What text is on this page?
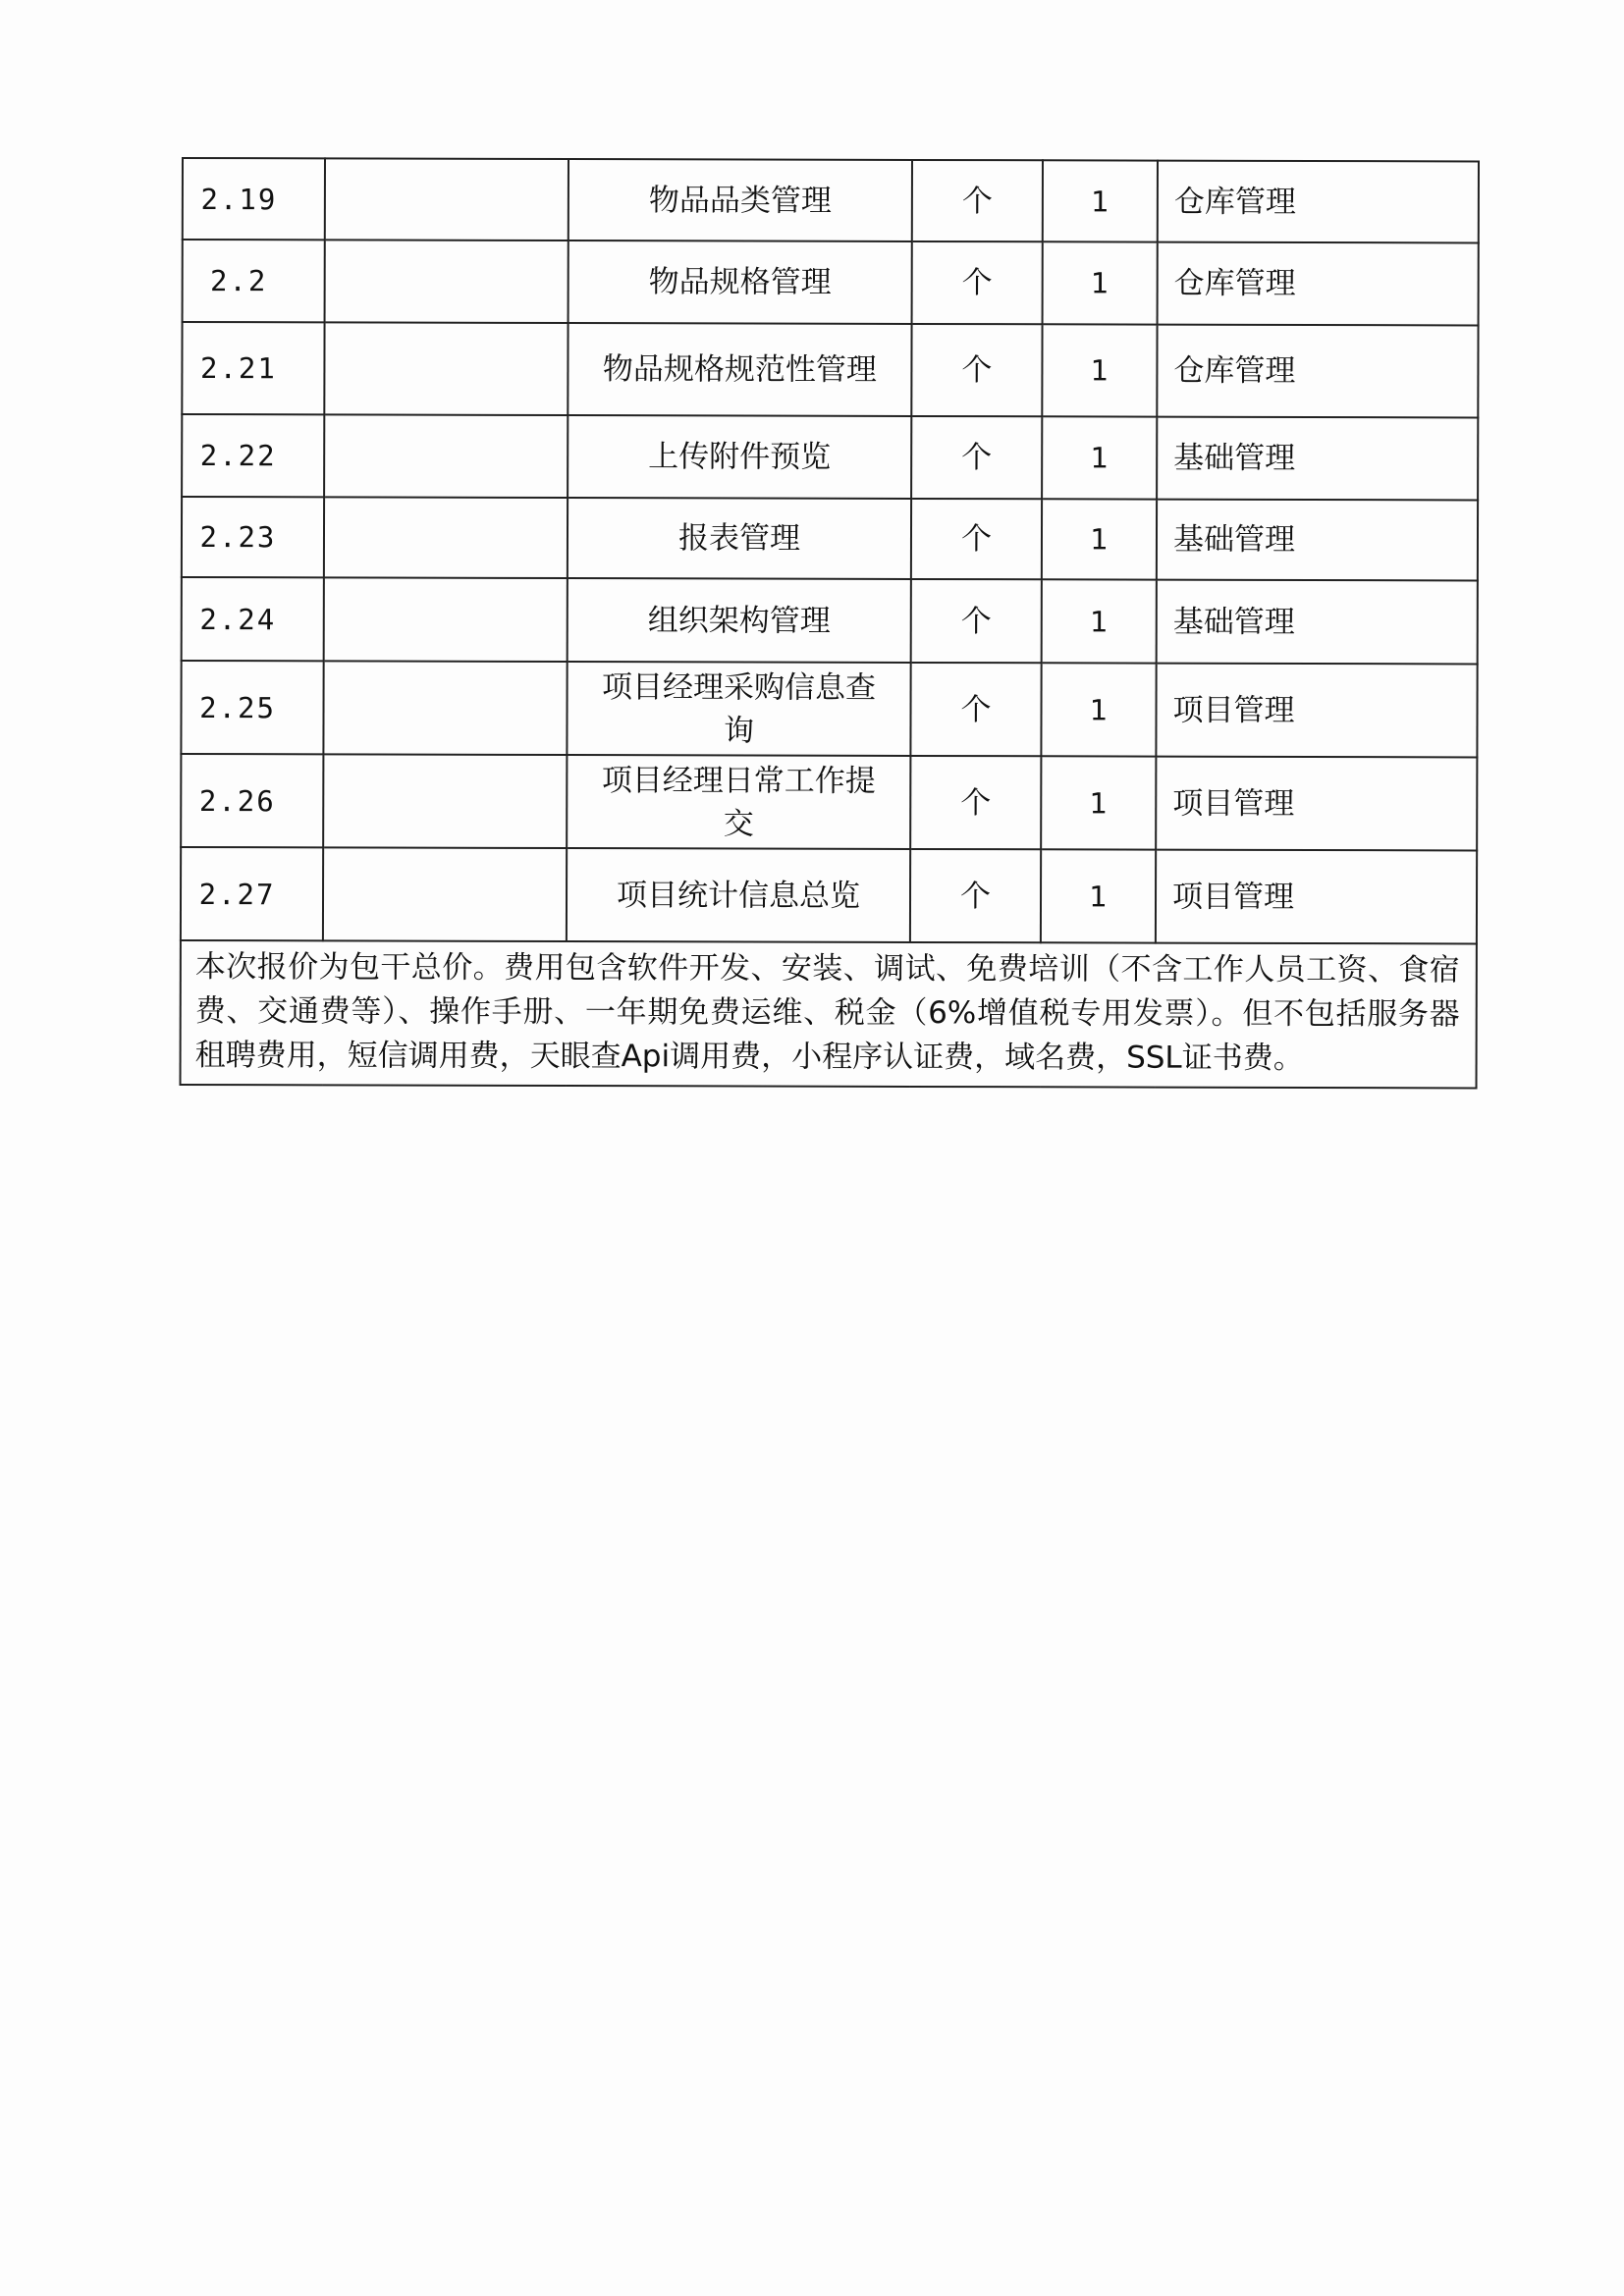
2.19		物品品类管理	个	1	仓库管理
2.2		物品规格管理	个	1	仓库管理
2.21		物品规格规范性管理	个	1	仓库管理
2.22		上传附件预览	个	1	基础管理
2.23		报表管理	个	1	基础管理
2.24		组织架构管理	个	1	基础管理
2.25		项目经理采购信息查询	个	1	项目管理
2.26		项目经理日常工作提交	个	1	项目管理
2.27		项目统计信息总览	个	1	项目管理
本次报价为包干总价。费用包含软件开发、安装、调试、免费培训（不含工作人员工资、食宿费、交通费等）、操作手册、一年期免费运维、税金（6%增值税专用发票）。但不包括服务器租聘费用，短信调用费，天眼查Api调用费，小程序认证费，域名费，SSL证书费。					
